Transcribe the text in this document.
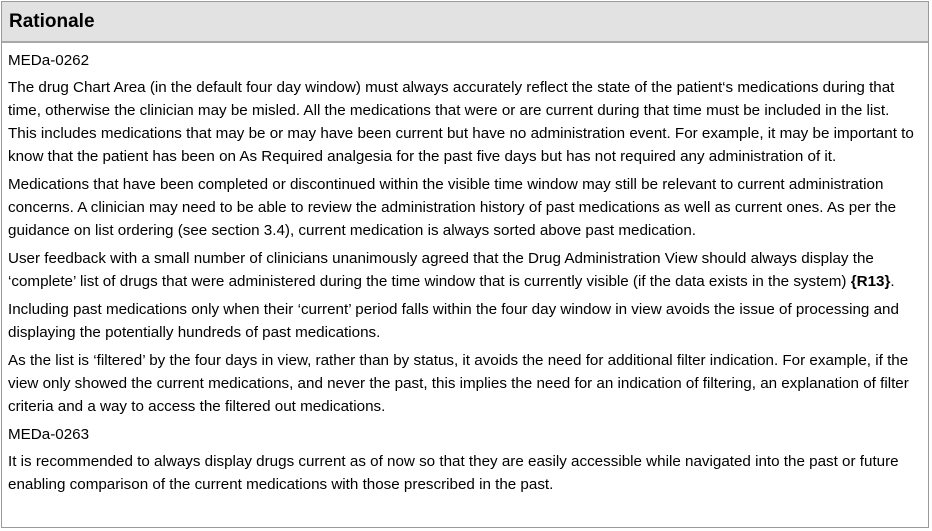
Rationale
MEDa-0262
The drug Chart Area (in the default four day window) must always accurately reflect the state of the patient‘s medications during that time, otherwise the clinician may be misled. All the medications that were or are current during that time must be included in the list. This includes medications that may be or may have been current but have no administration event. For example, it may be important to know that the patient has been on As Required analgesia for the past five days but has not required any administration of it.
Medications that have been completed or discontinued within the visible time window may still be relevant to current administration concerns. A clinician may need to be able to review the administration history of past medications as well as current ones. As per the guidance on list ordering (see section 3.4), current medication is always sorted above past medication.
User feedback with a small number of clinicians unanimously agreed that the Drug Administration View should always display the ‘complete’ list of drugs that were administered during the time window that is currently visible (if the data exists in the system) {R13}.
Including past medications only when their ‘current’ period falls within the four day window in view avoids the issue of processing and displaying the potentially hundreds of past medications.
As the list is ‘filtered’ by the four days in view, rather than by status, it avoids the need for additional filter indication. For example, if the view only showed the current medications, and never the past, this implies the need for an indication of filtering, an explanation of filter criteria and a way to access the filtered out medications.
MEDa-0263
It is recommended to always display drugs current as of now so that they are easily accessible while navigated into the past or future enabling comparison of the current medications with those prescribed in the past.
